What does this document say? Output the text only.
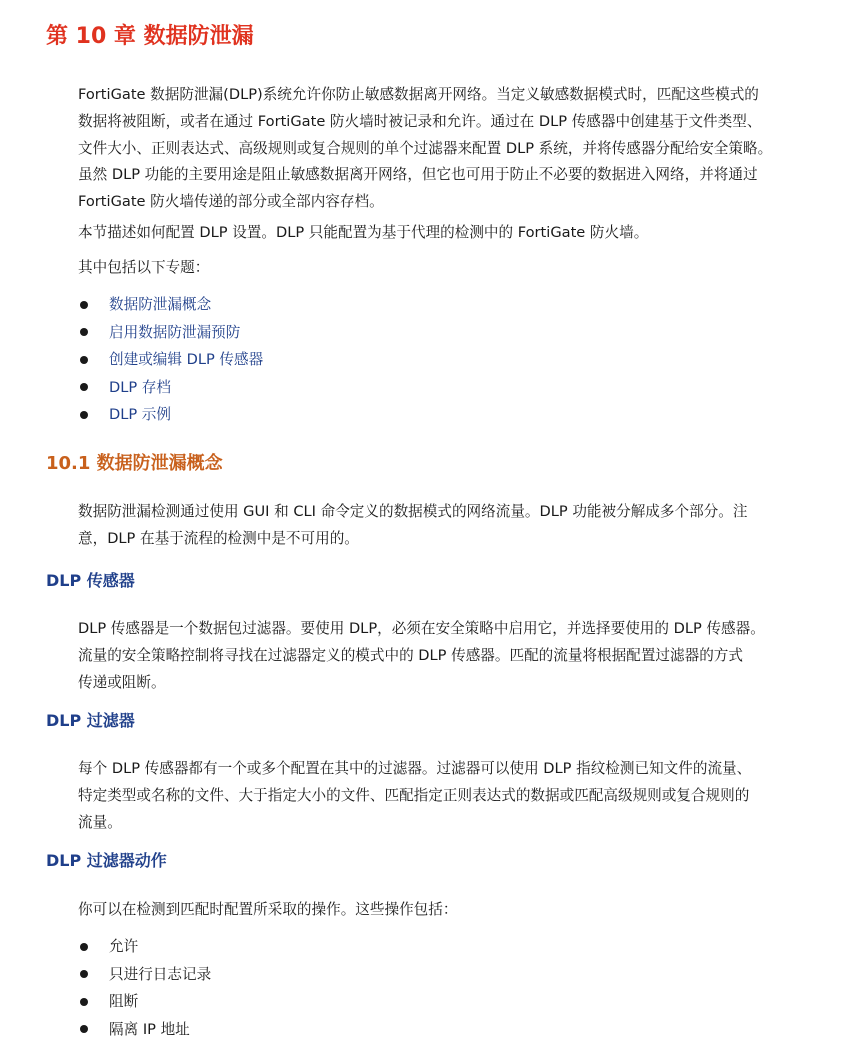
第 10 章 数据防泄漏

FortiGate 数据防泄漏(DLP)系统允许你防止敏感数据离开网络。当定义敏感数据模式时，匹配这些模式的
数据将被阻断，或者在通过 FortiGate 防火墙时被记录和允许。通过在 DLP 传感器中创建基于文件类型、
文件大小、正则表达式、高级规则或复合规则的单个过滤器来配置 DLP 系统，并将传感器分配给安全策略。

虽然 DLP 功能的主要用途是阻止敏感数据离开网络，但它也可用于防止不必要的数据进入网络，并将通过
FortiGate 防火墙传递的部分或全部内容存档。

本节描述如何配置 DLP 设置。DLP 只能配置为基于代理的检测中的 FortiGate 防火墙。

其中包括以下专题：

数据防泄漏概念
启用数据防泄漏预防
创建或编辑 DLP 传感器
DLP 存档
DLP 示例
10.1 数据防泄漏概念

数据防泄漏检测通过使用 GUI 和 CLI 命令定义的数据模式的网络流量。DLP 功能被分解成多个部分。注
意，DLP 在基于流程的检测中是不可用的。

DLP 传感器

DLP 传感器是一个数据包过滤器。要使用 DLP，必须在安全策略中启用它，并选择要使用的 DLP 传感器。
流量的安全策略控制将寻找在过滤器定义的模式中的 DLP 传感器。匹配的流量将根据配置过滤器的方式
传递或阻断。

DLP 过滤器

每个 DLP 传感器都有一个或多个配置在其中的过滤器。过滤器可以使用 DLP 指纹检测已知文件的流量、
特定类型或名称的文件、大于指定大小的文件、匹配指定正则表达式的数据或匹配高级规则或复合规则的
流量。

DLP 过滤器动作

你可以在检测到匹配时配置所采取的操作。这些操作包括：

允许
只进行日志记录
阻断
隔离 IP 地址
